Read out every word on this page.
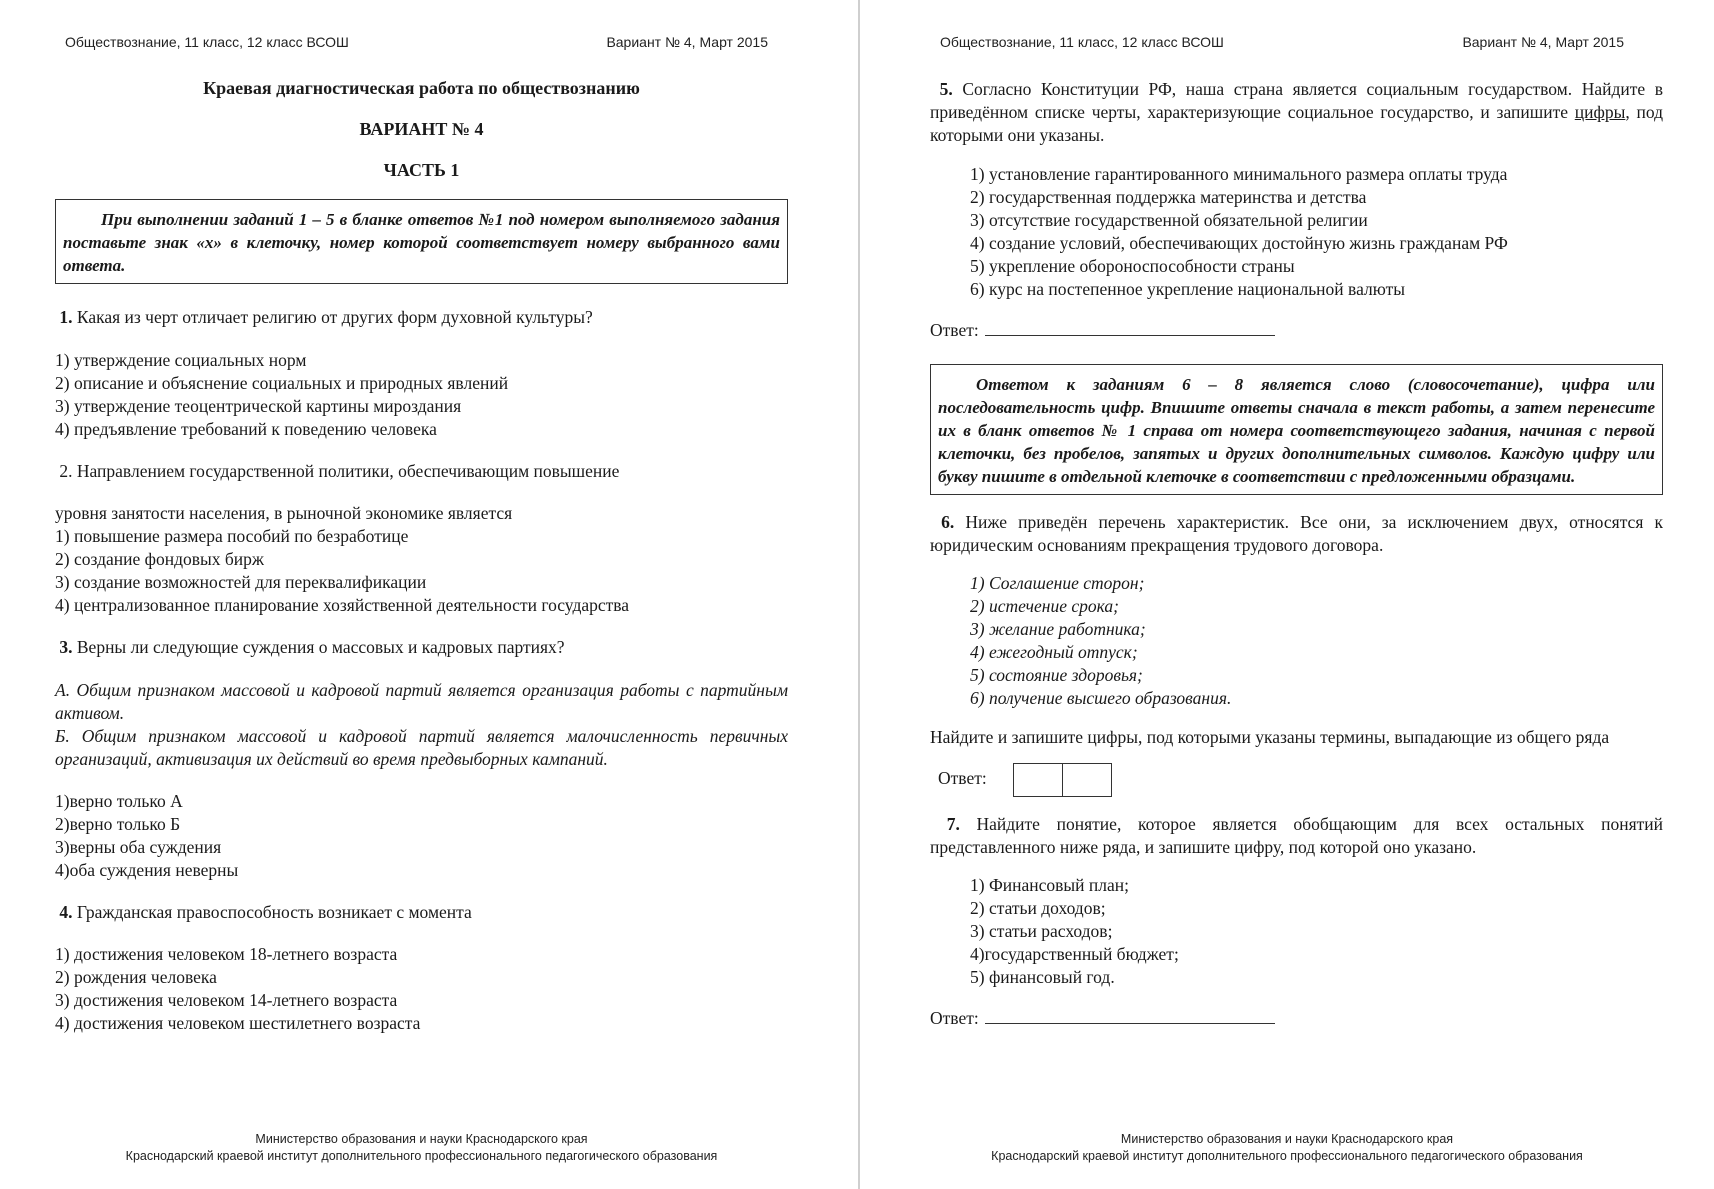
Обществознание, 11 класс, 12 класс ВСОШ	Вариант № 4, Март 2015
Краевая диагностическая работа по обществознанию
ВАРИАНТ № 4
ЧАСТЬ 1
При выполнении заданий 1 – 5 в бланке ответов №1 под номером выполняемого задания поставьте знак «х» в клеточку, номер которой соответствует номеру выбранного вами ответа.

1. Какая из черт отличает религию от других форм духовной культуры?

1) утверждение социальных норм
2) описание и объяснение социальных и природных явлений
3) утверждение теоцентрической картины мироздания
4) предъявление требований к поведению человека

2. Направлением государственной политики, обеспечивающим повышение

уровня занятости населения, в рыночной экономике является

1) повышение размера пособий по безработице
2) создание фондовых бирж
3) создание возможностей для переквалификации
4) централизованное планирование хозяйственной деятельности государства

3. Верны ли следующие суждения о массовых и кадровых партиях?

А. Общим признаком массовой и кадровой партий является организация работы с партийным активом.
Б. Общим признаком массовой и кадровой партий является малочисленность первичных организаций, активизация их действий во время предвыборных кампаний.
1)верно только А
2)верно только Б
3)верны оба суждения
4)оба суждения неверны

4. Гражданская правоспособность возникает с момента

1) достижения человеком 18-летнего возраста
2) рождения человека
3) достижения человеком 14-летнего возраста
4) достижения человеком шестилетнего возраста
Министерство образования и науки Краснодарского края
Краснодарский краевой институт дополнительного профессионального педагогического образования
Обществознание, 11 класс, 12 класс ВСОШ	Вариант № 4, Март 2015

5. Согласно Конституции РФ, наша страна является социальным государством. Найдите в приведённом списке черты, характеризующие социальное государство, и запишите цифры, под которыми они указаны.

1) установление гарантированного минимального размера оплаты труда
2) государственная поддержка материнства и детства
3) отсутствие государственной обязательной религии
4) создание условий, обеспечивающих достойную жизнь гражданам РФ
5) укрепление обороноспособности страны
6) курс на постепенное укрепление национальной валюты

Ответ:

Ответом к заданиям 6 – 8 является слово (словосочетание), цифра или последовательность цифр. Впишите ответы сначала в текст работы, а затем перенесите их в бланк ответов № 1 справа от номера соответствующего задания, начиная с первой клеточки, без пробелов, запятых и других дополнительных символов. Каждую цифру или букву пишите в отдельной клеточке в соответствии с предложенными образцами.

6. Ниже приведён перечень характеристик. Все они, за исключением двух, относятся к юридическим основаниям прекращения трудового договора.

1) Соглашение сторон;
2) истечение срока;
3) желание работника;
4) ежегодный отпуск;
5) состояние здоровья;
6) получение высшего образования.

Найдите и запишите цифры, под которыми указаны термины, выпадающие из общего ряда

Ответ:

7. Найдите понятие, которое является обобщающим для всех остальных понятий представленного ниже ряда, и запишите цифру, под которой оно указано.

1) Финансовый план;
2) статьи доходов;
3) статьи расходов;
4)государственный бюджет;
5) финансовый год.

Ответ:

Министерство образования и науки Краснодарского края
Краснодарский краевой институт дополнительного профессионального педагогического образования
